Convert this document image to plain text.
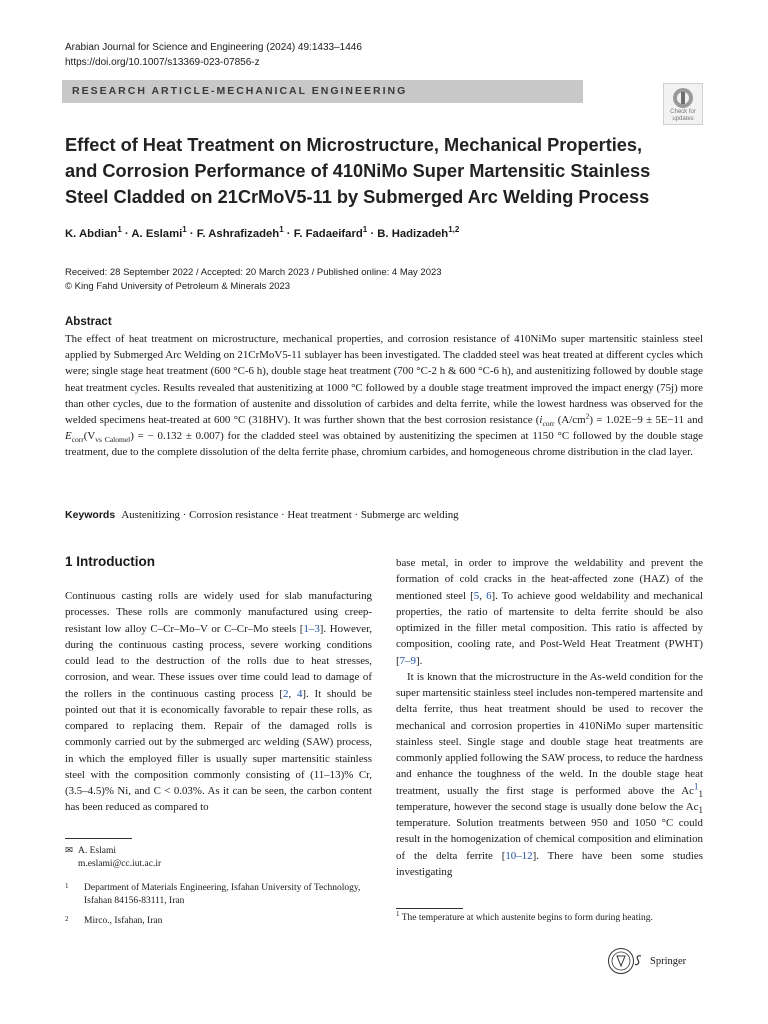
Arabian Journal for Science and Engineering (2024) 49:1433–1446
https://doi.org/10.1007/s13369-023-07856-z
RESEARCH ARTICLE-MECHANICAL ENGINEERING
Check for
updates
Effect of Heat Treatment on Microstructure, Mechanical Properties, and Corrosion Performance of 410NiMo Super Martensitic Stainless Steel Cladded on 21CrMoV5-11 by Submerged Arc Welding Process
K. Abdian$^1$ · A. Eslami$^1$ · F. Ashrafizadeh$^1$ · F. Fadaeifard$^1$ · B. Hadizadeh$^{1,2}$
Received: 28 September 2022 / Accepted: 20 March 2023 / Published online: 4 May 2023
© King Fahd University of Petroleum & Minerals 2023
Abstract
The effect of heat treatment on microstructure, mechanical properties, and corrosion resistance of 410NiMo super martensitic stainless steel applied by Submerged Arc Welding on 21CrMoV5-11 sublayer has been investigated. The cladded steel was heat treated at different cycles which were; single stage heat treatment (600 °C-6 h), double stage heat treatment (700 °C-2 h & 600 °C-6 h), and austenitizing followed by double stage heat treatment cycles. Results revealed that austenitizing at 1000 °C followed by a double stage treatment improved the impact energy (75j) more than other cycles, due to the formation of austenite and dissolution of carbides and delta ferrite, while the lowest hardness was observed for the welded specimens heat-treated at 600 °C (318HV). It was further shown that the best corrosion resistance ($i_{corr}$ $(A/cm^2) = 1.02E-9 \pm 5E-11$ and $E_{corr}(V_{vs Calomel})$ = − 0.132 ± 0.007) for the cladded steel was obtained by austenitizing the specimen at 1150 °C followed by the double stage treatment, due to the complete dissolution of the delta ferrite phase, chromium carbides, and homogeneous chrome distribution in the clad layer.
Keywords Austenitizing · Corrosion resistance · Heat treatment · Submerge arc welding
1 Introduction

Continuous casting rolls are widely used for slab manufacturing processes. These rolls are commonly manufactured using creep-resistant low alloy C–Cr–Mo–V or C–Cr–Mo steels [1–3]. However, during the continuous casting process, severe working conditions could lead to the destruction of the rolls due to heat stresses, corrosion, and wear. These issues over time could lead to damage of the rollers in the continuous casting process [2, 4]. It should be pointed out that it is economically favorable to repair these rolls, as compared to replacing them. Repair of the damaged rolls is commonly carried out by the submerged arc welding (SAW) process, in which the employed filler is usually super martensitic stainless steel with the composition commonly consisting of (11–13)% Cr, (3.5–4.5)% Ni, and C < 0.03%. As it can be seen, the carbon content has been reduced as compared to

base metal, in order to improve the weldability and prevent the formation of cold cracks in the heat-affected zone (HAZ) of the mentioned steel [5, 6]. To achieve good weldability and mechanical properties, the ratio of martensite to delta ferrite should be also optimized in the filler metal composition. This ratio is affected by composition, cooling rate, and Post-Weld Heat Treatment (PWHT) [7–9].

It is known that the microstructure in the As-weld condition for the super martensitic stainless steel includes non-tempered martensite and delta ferrite, thus heat treatment should be used to recover the mechanical and corrosion properties in 410NiMo super martensitic stainless steel. Single stage and double stage heat treatments are commonly applied following the SAW process, to reduce the hardness and enhance the toughness of the weld. In the double stage heat treatment, usually the first stage is performed above the Ac$^1_1$ temperature, however the second stage is usually done below the $Ac_1$ temperature. Solution treatments between 950 and 1050 °C could result in the homogenization of chemical composition and elimination of the delta ferrite [10–12]. There have been some studies investigating

✉ A. Eslami
m.eslami@cc.iut.ac.ir
1 Department of Materials Engineering, Isfahan University of Technology, Isfahan 84156-83111, Iran
2 Mirco., Isfahan, Iran
$^1$ The temperature at which austenite begins to form during heating.
Springer
